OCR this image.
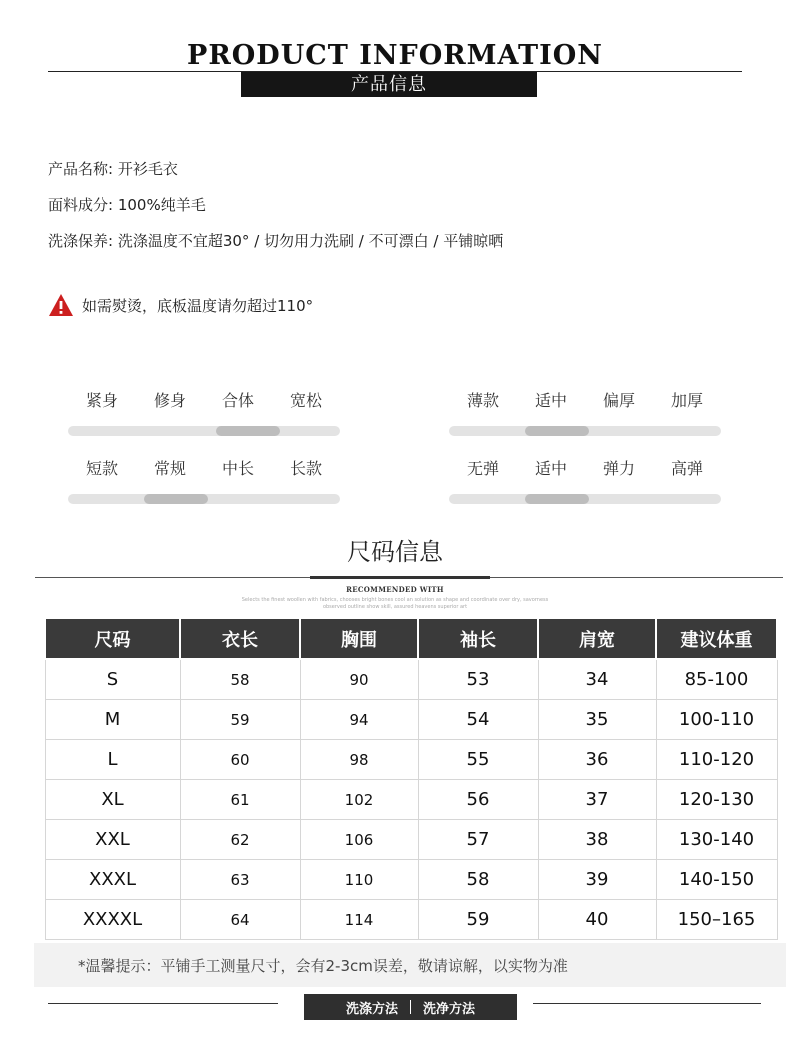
PRODUCT INFORMATION
产品信息
产品名称: 开衫毛衣
面料成分: 100%纯羊毛
洗涤保养: 洗涤温度不宜超30° / 切勿用力洗刷 / 不可漂白 / 平铺晾晒
如需熨烫，底板温度请勿超过110°
紧身	修身	合体	宽松	薄款	适中	偏厚	加厚
短款	常规	中长	长款	无弹	适中	弹力	高弹
尺码信息
RECOMMENDED WITH
Selects the finest woollen with fabrics, chooses bright bones cool an solution as shape and coordinate over dry, savorness
observed outline show skill, assured heavens superior art
尺码	衣长	胸围	袖长	肩宽	建议体重
S	58	90	53	34	85-100
M	59	94	54	35	100-110
L	60	98	55	36	110-120
XL	61	102	56	37	120-130
XXL	62	106	57	38	130-140
XXXL	63	110	58	39	140-150
XXXXL	64	114	59	40	150–165
*温馨提示：平铺手工测量尺寸，会有2-3cm误差，敬请谅解，以实物为准
洗涤方法 洗净方法
